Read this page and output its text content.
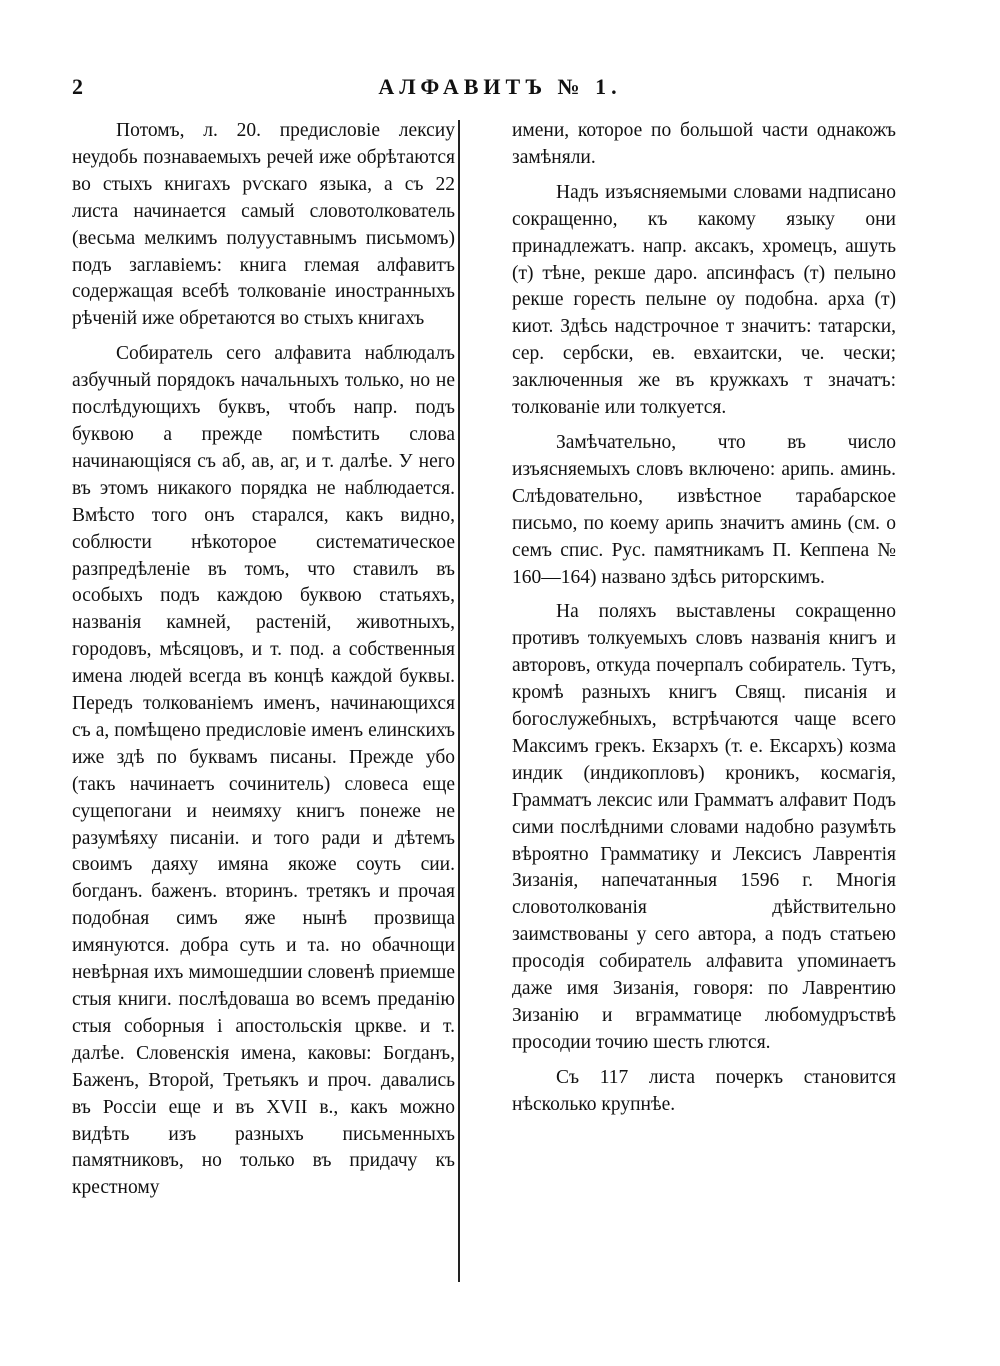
2	АЛФАВИТЪ № 1.

Потомъ, л. 20. предисловіе лексиу неудобь познаваемыхъ речей иже обрѣтаются во стыхъ книгахъ рѵскаго языка, а съ 22 листа начинается самый словотолкователь (весьма мелкимъ полууставнымъ письмомъ) подъ заглавіемъ: книга глемая алфавитъ содержащая всебѣ толкованіе иностранныхъ рѣченій иже обретаются во стыхъ книгахъ

Собиратель сего алфавита наблюдалъ азбучный порядокъ начальныхъ только, но не послѣдующихъ буквъ, чтобъ напр. подъ буквою а прежде помѣстить слова начинающіяся съ аб, ав, аг, и т. далѣе. У него въ этомъ никакого порядка не наблюдается. Вмѣсто того онъ старался, какъ видно, соблюсти нѣкоторое систематическое разпредѣленіе въ томъ, что ставилъ въ особыхъ подъ каждою буквою статьяхъ, названія камней, растеній, животныхъ, городовъ, мѣсяцовъ, и т. под. а собственныя имена людей всегда въ концѣ каждой буквы. Передъ толкованіемъ именъ, начинающихся съ а, помѣщено предисловіе именъ елинскихъ иже здѣ по буквамъ писаны. Прежде убо (такъ начинаетъ сочинитель) словеса еще сущепогани и неимяху книгъ понеже не разумѣяху писаніи. и того ради и дѣтемъ своимъ даяху имяна якоже соуть сии. богданъ. баженъ. вторинъ. третякъ и прочая подобная симъ яже нынѣ прозвища имянуются. добра суть и та. но обачнощи невѣрная ихъ мимошедшии словенѣ приемше стыя книги. послѣдоваша во всемъ преданію стыя соборныя і апостольскія цркве. и т. далѣе. Словенскія имена, каковы: Богданъ, Баженъ, Второй, Третьякъ и проч. давались въ Россіи еще и въ XVII в., какъ можно видѣть изъ разныхъ письменныхъ памятниковъ, но только въ придачу къ крестному

имени, которое по большой части однакожъ замѣняли.

Надъ изъясняемыми словами надписано сокращенно, къ какому языку они принадлежатъ. напр. аксакъ, хромецъ, ашуть (т) тѣне, рекше даро. апсинфасъ (т) пелыно рекше горесть пелыне оу подобна. арха (т) киот. Здѣсь надстрочное т значитъ: татарски, сер. сербски, ев. евхаитски, че. чески; заключенныя же въ кружкахъ т значатъ: толкованіе или толкуется.

Замѣчательно, что въ число изъясняемыхъ словъ включено: арипь. аминь. Слѣдовательно, извѣстное тарабарское письмо, по коему арипь значитъ аминь (см. о семъ спис. Рус. памятникамъ П. Кеппена № 160—164) названо здѣсь риторскимъ.

На поляхъ выставлены сокращенно противъ толкуемыхъ словъ названія книгъ и авторовъ, откуда почерпалъ собиратель. Тутъ, кромѣ разныхъ книгъ Свящ. писанія и богослужебныхъ, встрѣчаются чаще всего Максимъ грекъ. Екзархъ (т. е. Ексархъ) козма индик (индикопловъ) кроникъ, космагія, Грамматъ лексис или Грамматъ алфавит Подъ сими послѣдними словами надобно разумѣть вѣроятно Грамматику и Лексисъ Лаврентія Зизанія, напечатанныя 1596 г. Многія словотолкованія дѣйствительно заимствованы у сего автора, а подъ статьею просодія собиратель алфавита упоминаетъ даже имя Зизанія, говоря: по Лаврентию Зизанію и вграмматице любомудръствѣ просодии точию шесть глются.

Съ 117 листа почеркъ становится нѣсколько крупнѣе.
